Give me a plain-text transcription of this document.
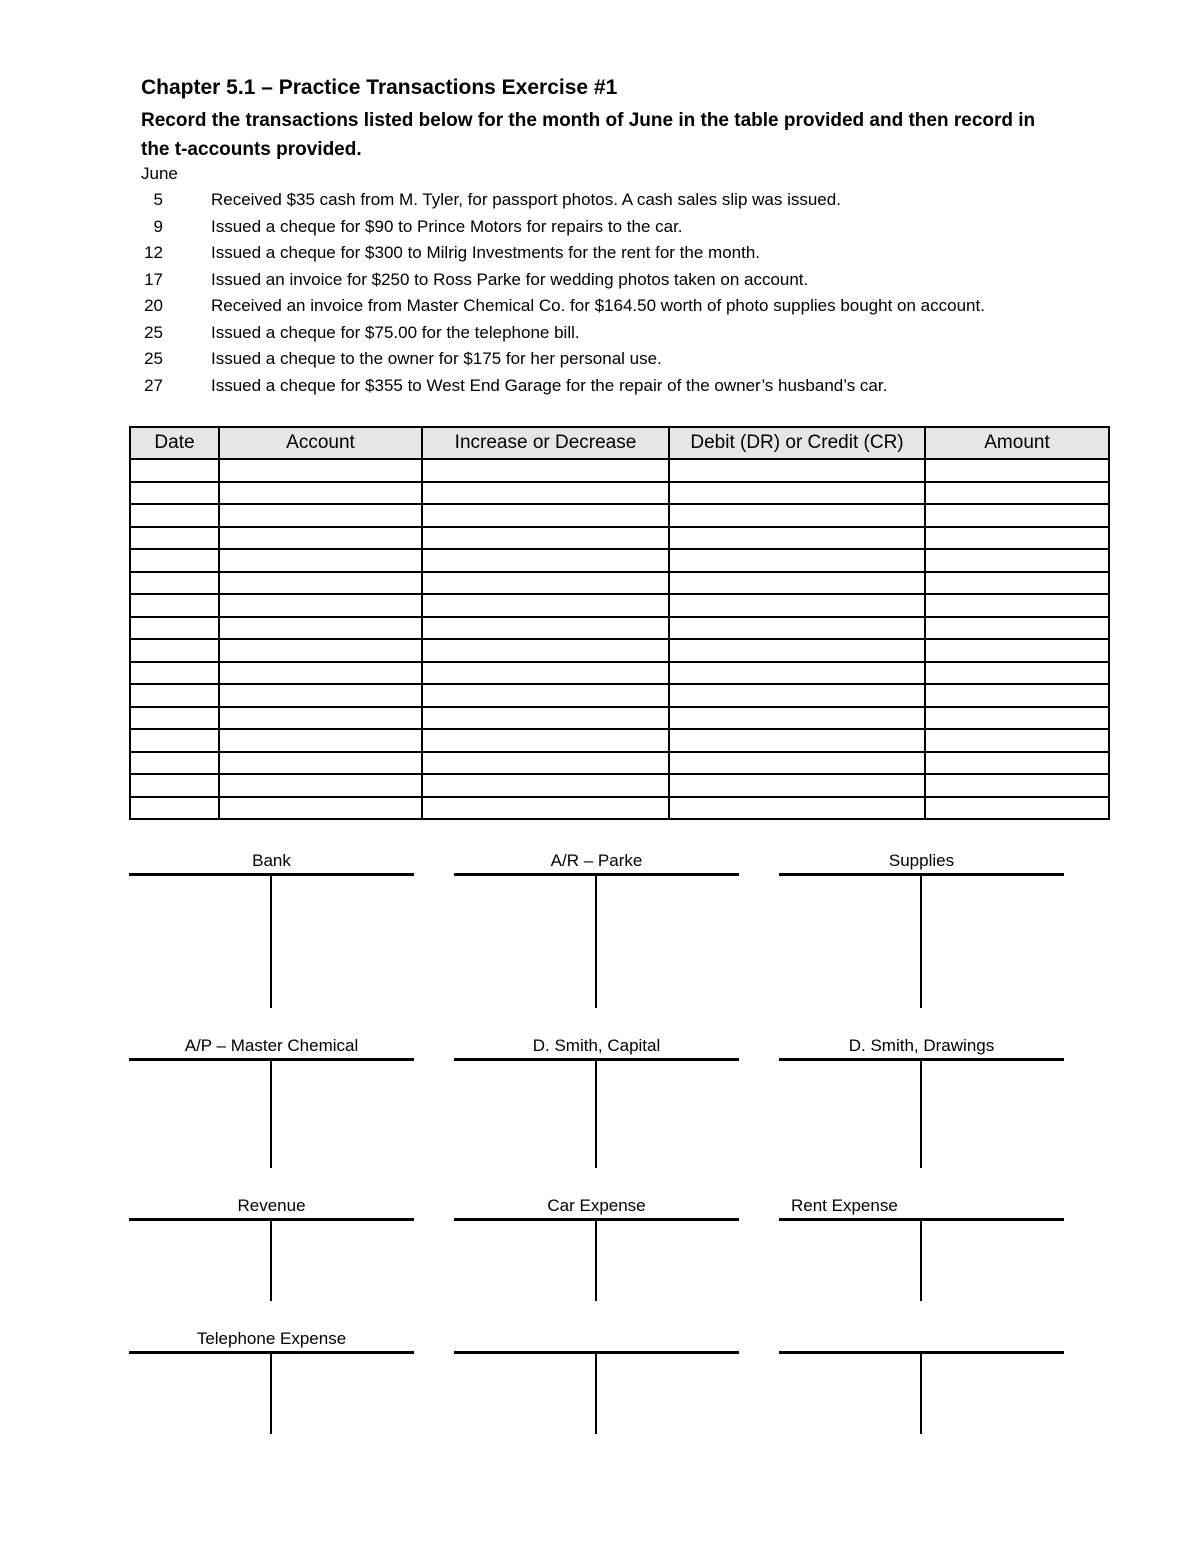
Chapter 5.1 – Practice Transactions Exercise #1
Record the transactions listed below for the month of June in the table provided and then record in the t-accounts provided.
June
5	Received $35 cash from M. Tyler, for passport photos. A cash sales slip was issued.
9	Issued a cheque for $90 to Prince Motors for repairs to the car.
12	Issued a cheque for $300 to Milrig Investments for the rent for the month.
17	Issued an invoice for $250 to Ross Parke for wedding photos taken on account.
20	Received an invoice from Master Chemical Co. for $164.50 worth of photo supplies bought on account.
25	Issued a cheque for $75.00 for the telephone bill.
25	Issued a cheque to the owner for $175 for her personal use.
27	Issued a cheque for $355 to West End Garage for the repair of the owner’s husband’s car.
Date	Account	Increase or Decrease	Debit (DR) or Credit (CR)	Amount

Bank	A/R – Parke	Supplies
A/P – Master Chemical	D. Smith, Capital	D. Smith, Drawings
Revenue	Car Expense	Rent Expense
Telephone Expense
